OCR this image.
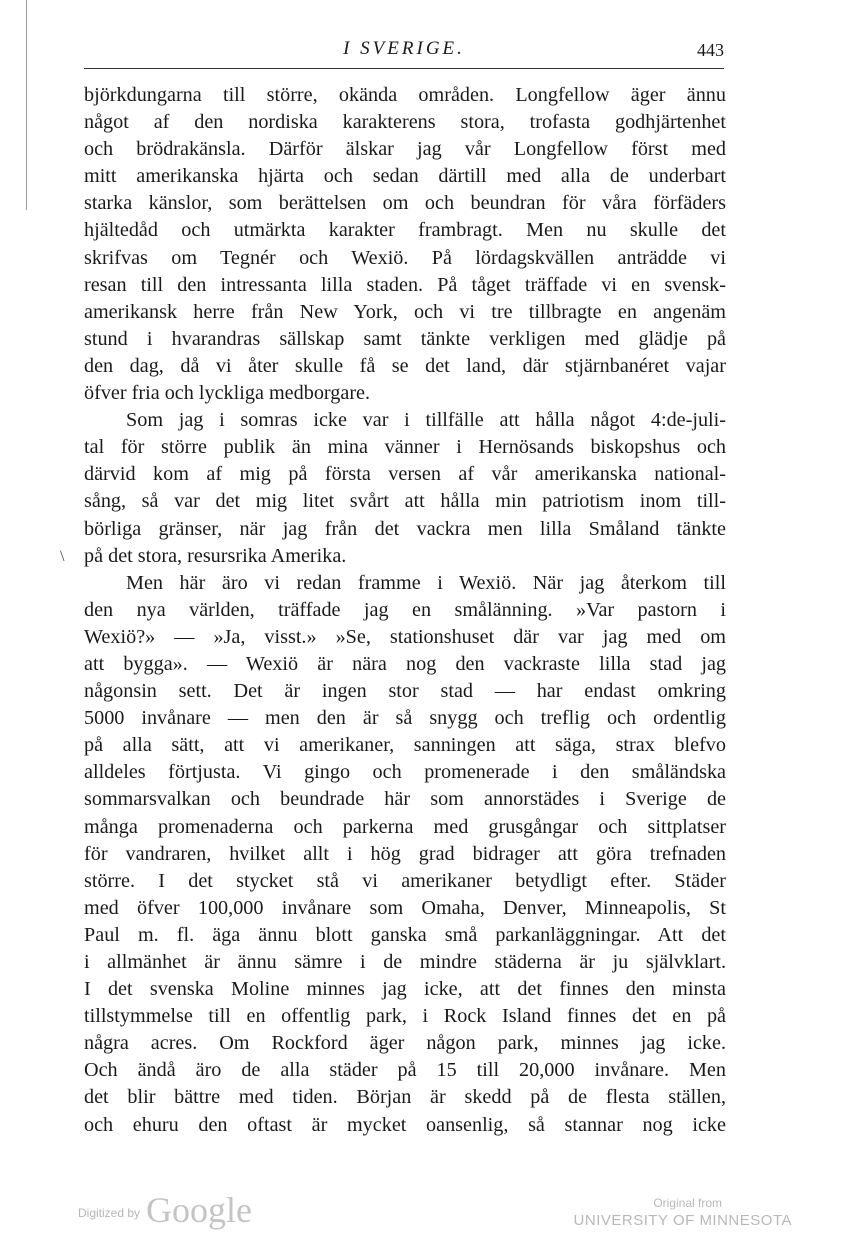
I SVERIGE.	443
björkdungarna till större, okända områden. Longfellow äger ännu
något af den nordiska karakterens stora, trofasta godhjärtenhet
och brödrakänsla. Därför älskar jag vår Longfellow först med
mitt amerikanska hjärta och sedan därtill med alla de underbart
starka känslor, som berättelsen om och beundran för våra förfäders
hjältedåd och utmärkta karakter frambragt. Men nu skulle det
skrifvas om Tegnér och Wexiö. På lördagskvällen anträdde vi
resan till den intressanta lilla staden. På tåget träffade vi en svensk-
amerikansk herre från New York, och vi tre tillbragte en angenäm
stund i hvarandras sällskap samt tänkte verkligen med glädje på
den dag, då vi åter skulle få se det land, där stjärnbanéret vajar
öfver fria och lyckliga medborgare.
Som jag i somras icke var i tillfälle att hålla något 4:de-juli-
tal för större publik än mina vänner i Hernösands biskopshus och
därvid kom af mig på första versen af vår amerikanska national-
sång, så var det mig litet svårt att hålla min patriotism inom till-
börliga gränser, när jag från det vackra men lilla Småland tänkte
på det stora, resursrika Amerika.
Men här äro vi redan framme i Wexiö. När jag återkom till
den nya världen, träffade jag en smålänning. »Var pastorn i
Wexiö?» — »Ja, visst.» »Se, stationshuset där var jag med om
att bygga». — Wexiö är nära nog den vackraste lilla stad jag
någonsin sett. Det är ingen stor stad — har endast omkring
5000 invånare — men den är så snygg och treflig och ordentlig
på alla sätt, att vi amerikaner, sanningen att säga, strax blefvo
alldeles förtjusta. Vi gingo och promenerade i den småländska
sommarsvalkan och beundrade här som annorstädes i Sverige de
många promenaderna och parkerna med grusgångar och sittplatser
för vandraren, hvilket allt i hög grad bidrager att göra trefnaden
större. I det stycket stå vi amerikaner betydligt efter. Städer
med öfver 100,000 invånare som Omaha, Denver, Minneapolis, St
Paul m. fl. äga ännu blott ganska små parkanläggningar. Att det
i allmänhet är ännu sämre i de mindre städerna är ju självklart.
I det svenska Moline minnes jag icke, att det finnes den minsta
tillstymmelse till en offentlig park, i Rock Island finnes det en på
några acres. Om Rockford äger någon park, minnes jag icke.
Och ändå äro de alla städer på 15 till 20,000 invånare. Men
det blir bättre med tiden. Början är skedd på de flesta ställen,
och ehuru den oftast är mycket oansenlig, så stannar nog icke
\
Digitized by Google	Original from
UNIVERSITY OF MINNESOTA
